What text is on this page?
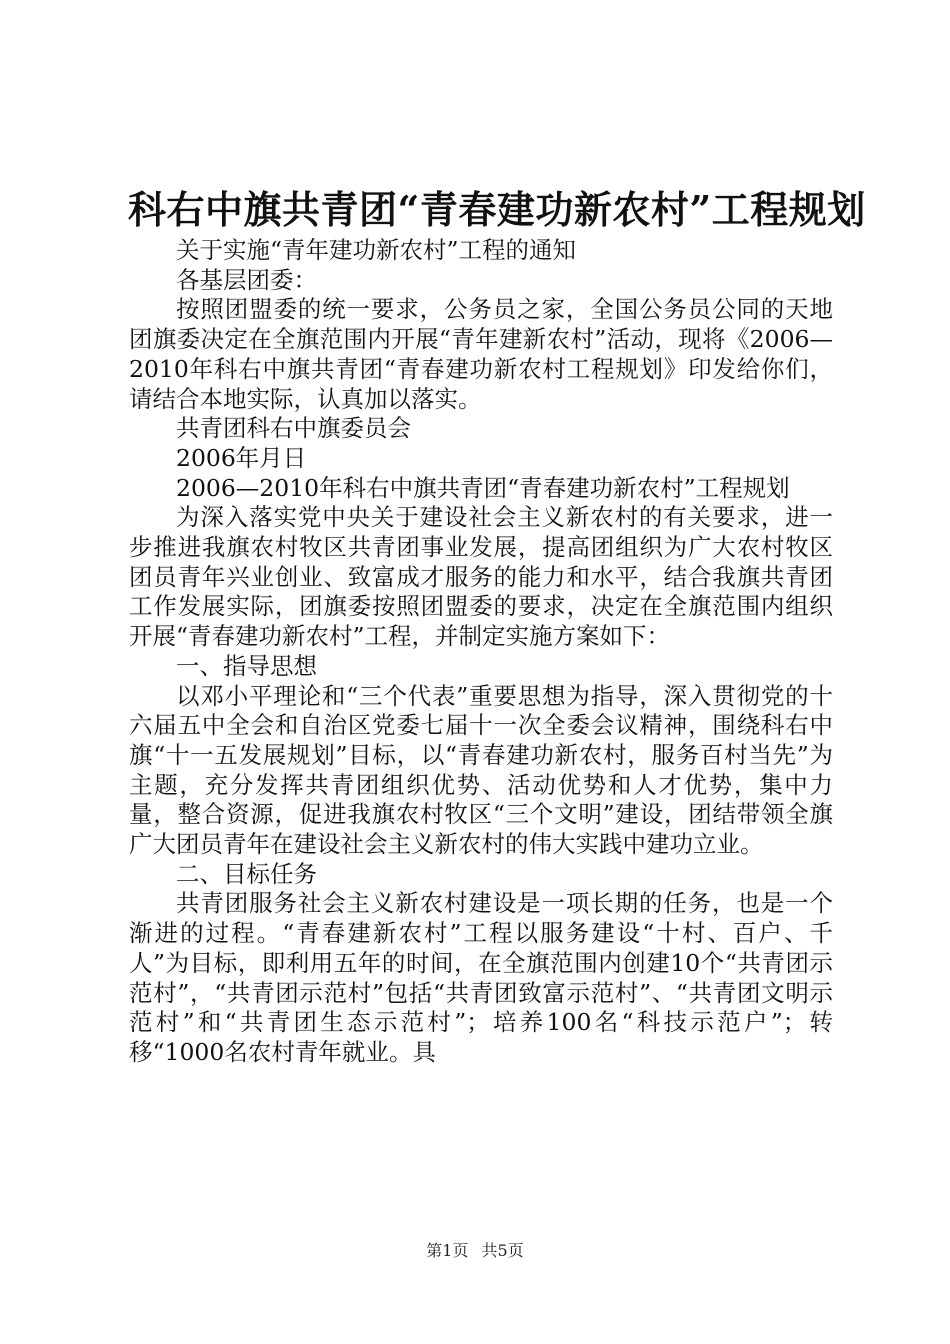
科右中旗共青团“青春建功新农村”工程规划

关于实施“青年建功新农村”工程的通知

各基层团委：

按照团盟委的统一要求，公务员之家，全国公务员公同的天地团旗委决定在全旗范围内开展“青年建新农村”活动，现将《2006—2010年科右中旗共青团“青春建功新农村工程规划》印发给你们，请结合本地实际，认真加以落实。

共青团科右中旗委员会

2006年月日

2006—2010年科右中旗共青团“青春建功新农村”工程规划

为深入落实党中央关于建设社会主义新农村的有关要求，进一步推进我旗农村牧区共青团事业发展，提高团组织为广大农村牧区团员青年兴业创业、致富成才服务的能力和水平，结合我旗共青团工作发展实际，团旗委按照团盟委的要求，决定在全旗范围内组织开展“青春建功新农村”工程，并制定实施方案如下：

一、指导思想

以邓小平理论和“三个代表”重要思想为指导，深入贯彻党的十六届五中全会和自治区党委七届十一次全委会议精神，围绕科右中旗“十一五发展规划”目标，以“青春建功新农村，服务百村当先”为主题，充分发挥共青团组织优势、活动优势和人才优势，集中力量，整合资源，促进我旗农村牧区“三个文明”建设，团结带领全旗广大团员青年在建设社会主义新农村的伟大实践中建功立业。

二、目标任务

共青团服务社会主义新农村建设是一项长期的任务，也是一个渐进的过程。“青春建新农村”工程以服务建设“十村、百户、千人”为目标，即利用五年的时间，在全旗范围内创建10个“共青团示范村”，“共青团示范村”包括“共青团致富示范村”、“共青团文明示范村”和“共青团生态示范村”；培养100名“科技示范户”；转移“1000名农村青年就业。具

第1页 共5页
